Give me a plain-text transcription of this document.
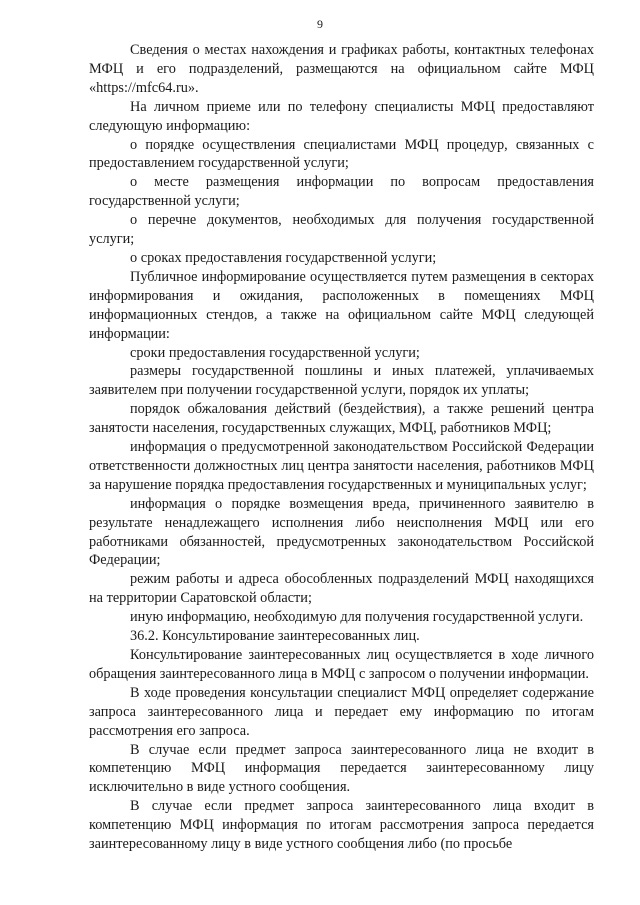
9

Сведения о местах нахождения и графиках работы, контактных телефонах МФЦ и его подразделений, размещаются на официальном сайте МФЦ «https://mfc64.ru».

На личном приеме или по телефону специалисты МФЦ предоставляют следующую информацию:

о порядке осуществления специалистами МФЦ процедур, связанных с предоставлением государственной услуги;

о месте размещения информации по вопросам предоставления государственной услуги;

о перечне документов, необходимых для получения государственной услуги;

о сроках предоставления государственной услуги;

Публичное информирование осуществляется путем размещения в секторах информирования и ожидания, расположенных в помещениях МФЦ информационных стендов, а также на официальном сайте МФЦ следующей информации:

сроки предоставления государственной услуги;

размеры государственной пошлины и иных платежей, уплачиваемых заявителем при получении государственной услуги, порядок их уплаты;

порядок обжалования действий (бездействия), а также решений центра занятости населения, государственных служащих, МФЦ, работников МФЦ;

информация о предусмотренной законодательством Российской Федерации ответственности должностных лиц центра занятости населения, работников МФЦ за нарушение порядка предоставления государственных и муниципальных услуг;

информация о порядке возмещения вреда, причиненного заявителю в результате ненадлежащего исполнения либо неисполнения МФЦ или его работниками обязанностей, предусмотренных законодательством Российской Федерации;

режим работы и адреса обособленных подразделений МФЦ находящихся на территории Саратовской области;

иную информацию, необходимую для получения государственной услуги.

36.2. Консультирование заинтересованных лиц.

Консультирование заинтересованных лиц осуществляется в ходе личного обращения заинтересованного лица в МФЦ с запросом о получении информации.

В ходе проведения консультации специалист МФЦ определяет содержание запроса заинтересованного лица и передает ему информацию по итогам рассмотрения его запроса.

В случае если предмет запроса заинтересованного лица не входит в компетенцию МФЦ информация передается заинтересованному лицу исключительно в виде устного сообщения.

В случае если предмет запроса заинтересованного лица входит в компетенцию МФЦ информация по итогам рассмотрения запроса передается заинтересованному лицу в виде устного сообщения либо (по просьбе
